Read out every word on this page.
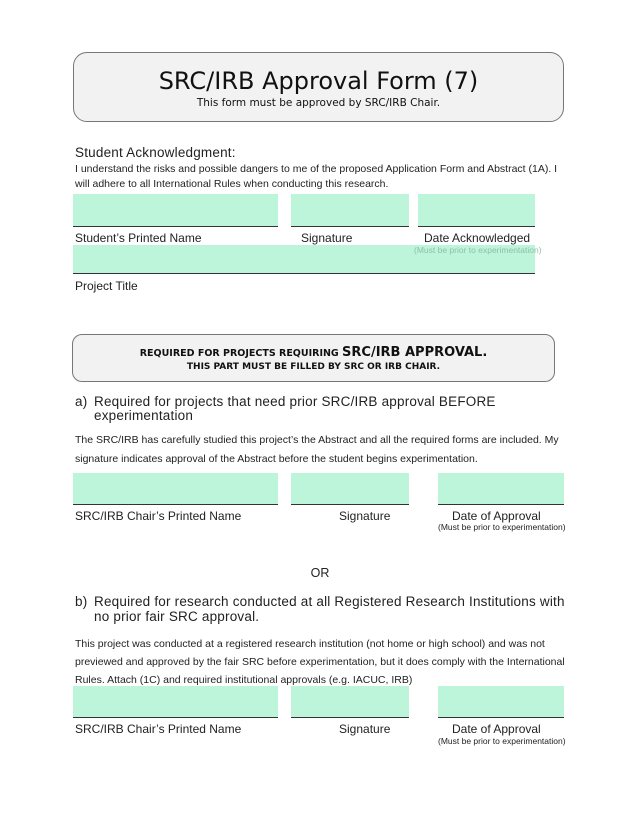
SRC/IRB Approval Form (7)
This form must be approved by SRC/IRB Chair.
Student Acknowledgment:
I understand the risks and possible dangers to me of the proposed Application Form and Abstract (1A). I
will adhere to all International Rules when conducting this research.
Student’s Printed Name	Signature	Date Acknowledged
(Must be prior to experimentation)
Project Title
REQUIRED FOR PROJECTS REQUIRING SRC/IRB APPROVAL.
THIS PART MUST BE FILLED BY SRC OR IRB CHAIR.
a) Required for projects that need prior SRC/IRB approval BEFORE
experimentation
The SRC/IRB has carefully studied this project’s the Abstract and all the required forms are included. My
signature indicates approval of the Abstract before the student begins experimentation.
SRC/IRB Chair’s Printed Name	Signature	Date of Approval
(Must be prior to experimentation)
OR
b) Required for research conducted at all Registered Research Institutions with
no prior fair SRC approval.
This project was conducted at a registered research institution (not home or high school) and was not
previewed and approved by the fair SRC before experimentation, but it does comply with the International
Rules. Attach (1C) and required institutional approvals (e.g. IACUC, IRB)
SRC/IRB Chair’s Printed Name	Signature	Date of Approval
(Must be prior to experimentation)
